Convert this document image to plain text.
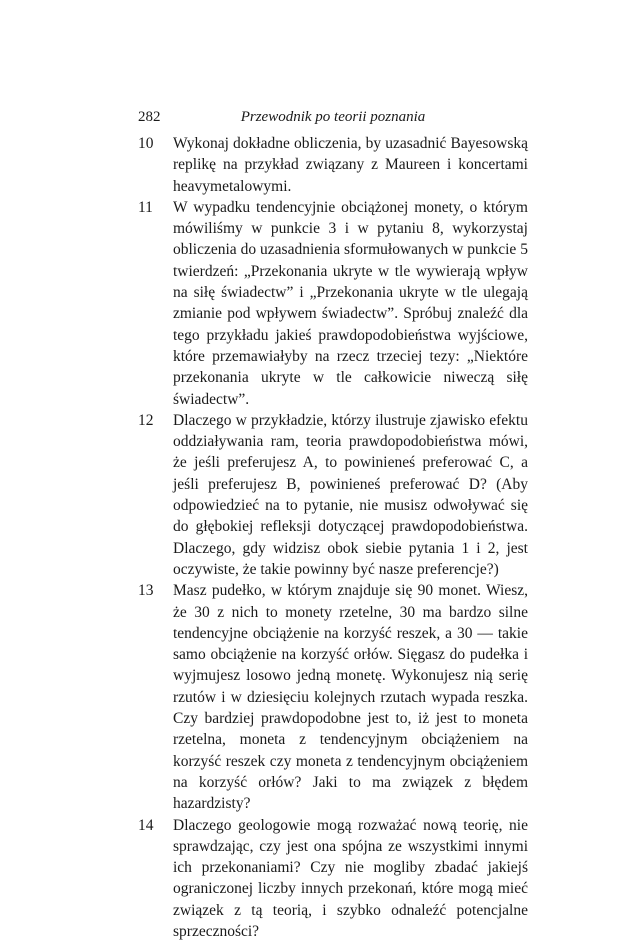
282	Przewodnik po teorii poznania
10 Wykonaj dokładne obliczenia, by uzasadnić Bayesowską replikę na przykład związany z Maureen i koncertami heavymetalowymi.

11 W wypadku tendencyjnie obciążonej monety, o którym mówiliśmy w punkcie 3 i w pytaniu 8, wykorzystaj obliczenia do uzasadnienia sformułowanych w punkcie 5 twierdzeń: „Przekonania ukryte w tle wywierają wpływ na siłę świadectw” i „Przekonania ukryte w tle ulegają zmianie pod wpływem świadectw”. Spróbuj znaleźć dla tego przykładu jakieś prawdopodobieństwa wyjściowe, które przemawiałyby na rzecz trzeciej tezy: „Niektóre przekonania ukryte w tle całkowicie niweczą siłę świadectw”.

12 Dlaczego w przykładzie, którzy ilustruje zjawisko efektu oddziaływania ram, teoria prawdopodobieństwa mówi, że jeśli preferujesz A, to powinieneś preferować C, a jeśli preferujesz B, powinieneś preferować D? (Aby odpowiedzieć na to pytanie, nie musisz odwoływać się do głębokiej refleksji dotyczącej prawdopodobieństwa. Dlaczego, gdy widzisz obok siebie pytania 1 i 2, jest oczywiste, że takie powinny być nasze preferencje?)

13 Masz pudełko, w którym znajduje się 90 monet. Wiesz, że 30 z nich to monety rzetelne, 30 ma bardzo silne tendencyjne obciążenie na korzyść reszek, a 30 — takie samo obciążenie na korzyść orłów. Sięgasz do pudełka i wyjmujesz losowo jedną monetę. Wykonujesz nią serię rzutów i w dziesięciu kolejnych rzutach wypada reszka. Czy bardziej prawdopodobne jest to, iż jest to moneta rzetelna, moneta z tendencyjnym obciążeniem na korzyść reszek czy moneta z tendencyjnym obciążeniem na korzyść orłów? Jaki to ma związek z błędem hazardzisty?

14 Dlaczego geologowie mogą rozważać nową teorię, nie sprawdzając, czy jest ona spójna ze wszystkimi innymi ich przekonaniami? Czy nie mogliby zbadać jakiejś ograniczonej liczby innych przekonań, które mogą mieć związek z tą teorią, i szybko odnaleźć potencjalne sprzeczności?
